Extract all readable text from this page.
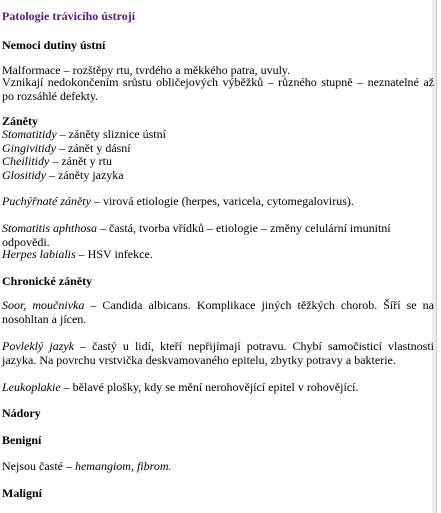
Patologie trávicího ústrojí
Nemoci dutiny ústní
Malformace – rozštěpy rtu, tvrdého a měkkého patra, uvuly.
Vznikají nedokončením srůstu obličejových výběžků – různého stupně – neznatelné až po rozsáhlé defekty.
Záněty
Stomatitidy – záněty sliznice ústní
Gingivitidy – zánět y dásní
Cheilitidy – zánět y rtu
Glositidy – záněty jazyka
Puchýřnaté záněty – virová etiologie (herpes, varicela, cytomegalovirus).
Stomatitis aphthosa – častá, tvorba vřídků – etiologie – změny celulární imunitní odpovědi.
Herpes labialis – HSV infekce.
Chronické záněty
Soor, moučnivka – Candida albicans. Komplikace jiných těžkých chorob. Šíří se na nosohltan a jícen.
Povleklý jazyk – častý u lidí, kteří nepřijímají potravu. Chybí samočisticí vlastnosti jazyka. Na povrchu vrstvička deskvamovaného epitelu, zbytky potravy a bakterie.
Leukoplakie – bělavé plošky, kdy se mění nerohovějící epitel v rohovějící.
Nádory
Benigní
Nejsou časté – hemangiom, fibrom.
Maligní
